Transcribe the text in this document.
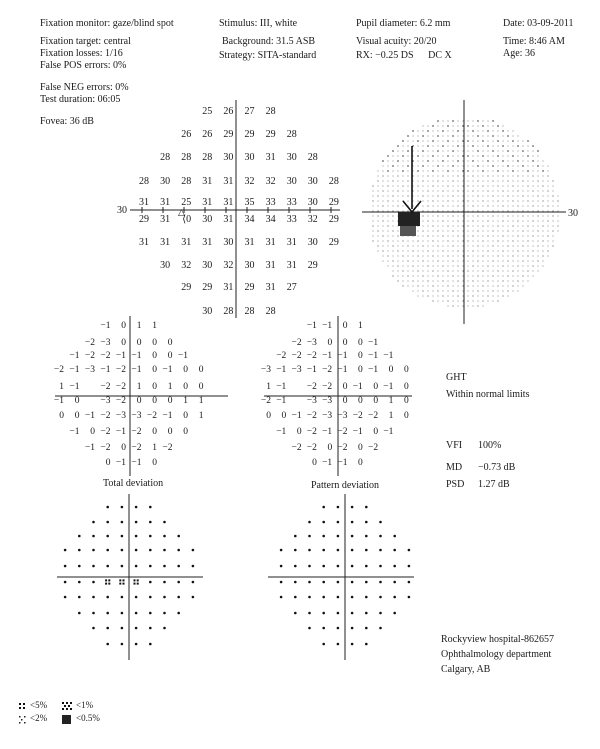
Fixation monitor: gaze/blind spot
Fixation target: central
Fixation losses: 1/16
False POS errors: 0%
False NEG errors: 0%
Test duration: 06:05
Fovea: 36 dB
Stimulus: III, white
Background: 31.5 ASB
Strategy: SITA-standard
Pupil diameter: 6.2 mm
Visual acuity: 20/20
RX: −0.25 DS DC X
Date: 03-09-2011
Time: 8:46 AM
Age: 36
30
25 26 27 28
26 26 29 29 29 28
28 28 28 30 30 31 30 28
28 30 28 31 31 32 32 30 30 28
31 31 25 31 31 35 33 33 30 29
29 31 ⟨0 30 31 34 34 33 32 29
31 31 31 31 30 31 31 31 30 29
30 32 30 32 30 31 31 29
29 29 31 29 31 27
30 28 28 28
△	30
−1 0 1 1
−2 −3 0 0 0 0
−1 −2 −2 −1 −1 0 0 −1
−2 −1 −3 −1 −2 −1 0 −1 0 0
1 −1 −2 −2 1 0 1 0 0
−1 0 −3 −2 0 0 0 1 1
0 0 −1 −2 −3 −3 −2 −1 0 1
−1 0 −2 −1 −2 0 0 0
−1 −2 0 −2 1 −2
0 −1 −1 0
−1 −1 0 1
−2 −3 0 0 0 −1
−2 −2 −2 −1 −1 0 −1 −1
−3 −1 −3 −1 −2 −1 0 −1 0 0
1 −1 −2 −2 0 −1 0 −1 0
−2 −1 −3 −3 0 0 0 1 0
0 0 −1 −2 −3 −3 −2 −2 1 0
−1 0 −2 −1 −2 −1 0 −1
−2 −2 0 −2 0 −2
0 −1 −1 0
Total deviation	Pattern deviation
GHT
Within normal limits
VFI 100%
MD −0.73 dB
PSD 1.27 dB
Rockyview hospital-862657
Ophthalmology department
Calgary, AB
<5%	<1%
<2%	<0.5%
